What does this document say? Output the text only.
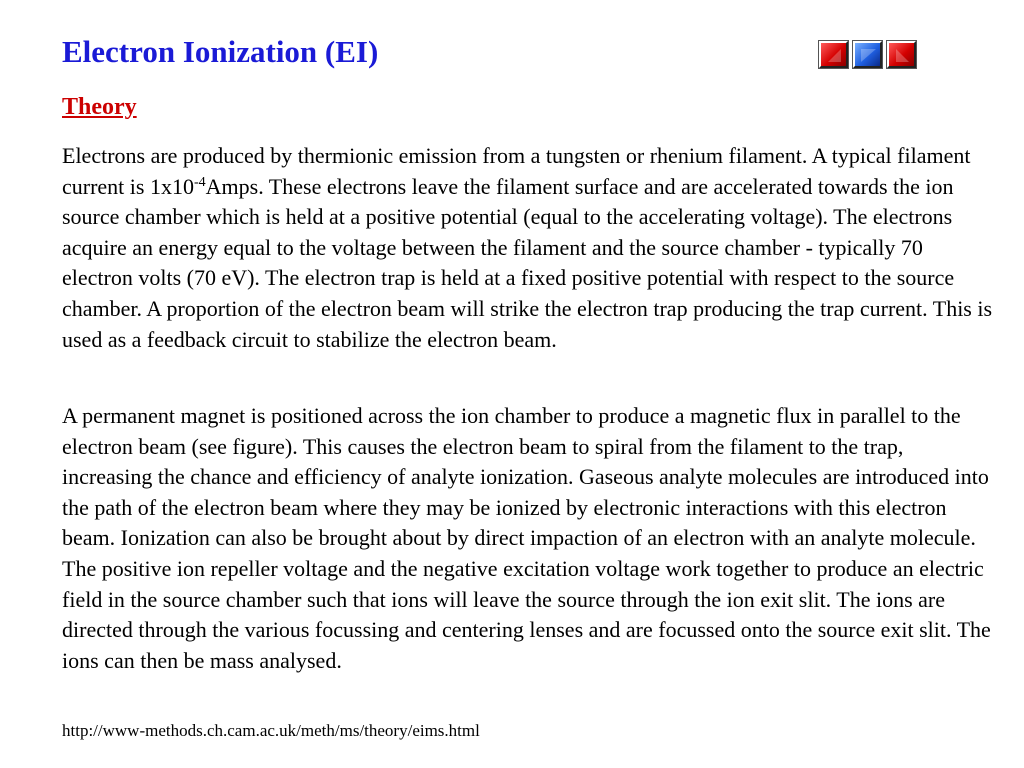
Electron Ionization (EI)
Theory

Electrons are produced by thermionic emission from a tungsten or rhenium filament. A typical filament current is $1x10^{-4}Amps$. These electrons leave the filament surface and are accelerated towards the ion source chamber which is held at a positive potential (equal to the accelerating voltage). The electrons acquire an energy equal to the voltage between the filament and the source chamber - typically 70 electron volts (70 eV). The electron trap is held at a fixed positive potential with respect to the source chamber. A proportion of the electron beam will strike the electron trap producing the trap current. This is used as a feedback circuit to stabilize the electron beam.

A permanent magnet is positioned across the ion chamber to produce a magnetic flux in parallel to the electron beam (see figure). This causes the electron beam to spiral from the filament to the trap, increasing the chance and efficiency of analyte ionization. Gaseous analyte molecules are introduced into the path of the electron beam where they may be ionized by electronic interactions with this electron beam. Ionization can also be brought about by direct impaction of an electron with an analyte molecule. The positive ion repeller voltage and the negative excitation voltage work together to produce an electric field in the source chamber such that ions will leave the source through the ion exit slit. The ions are directed through the various focussing and centering lenses and are focussed onto the source exit slit. The ions can then be mass analysed.

http://www-methods.ch.cam.ac.uk/meth/ms/theory/eims.html
